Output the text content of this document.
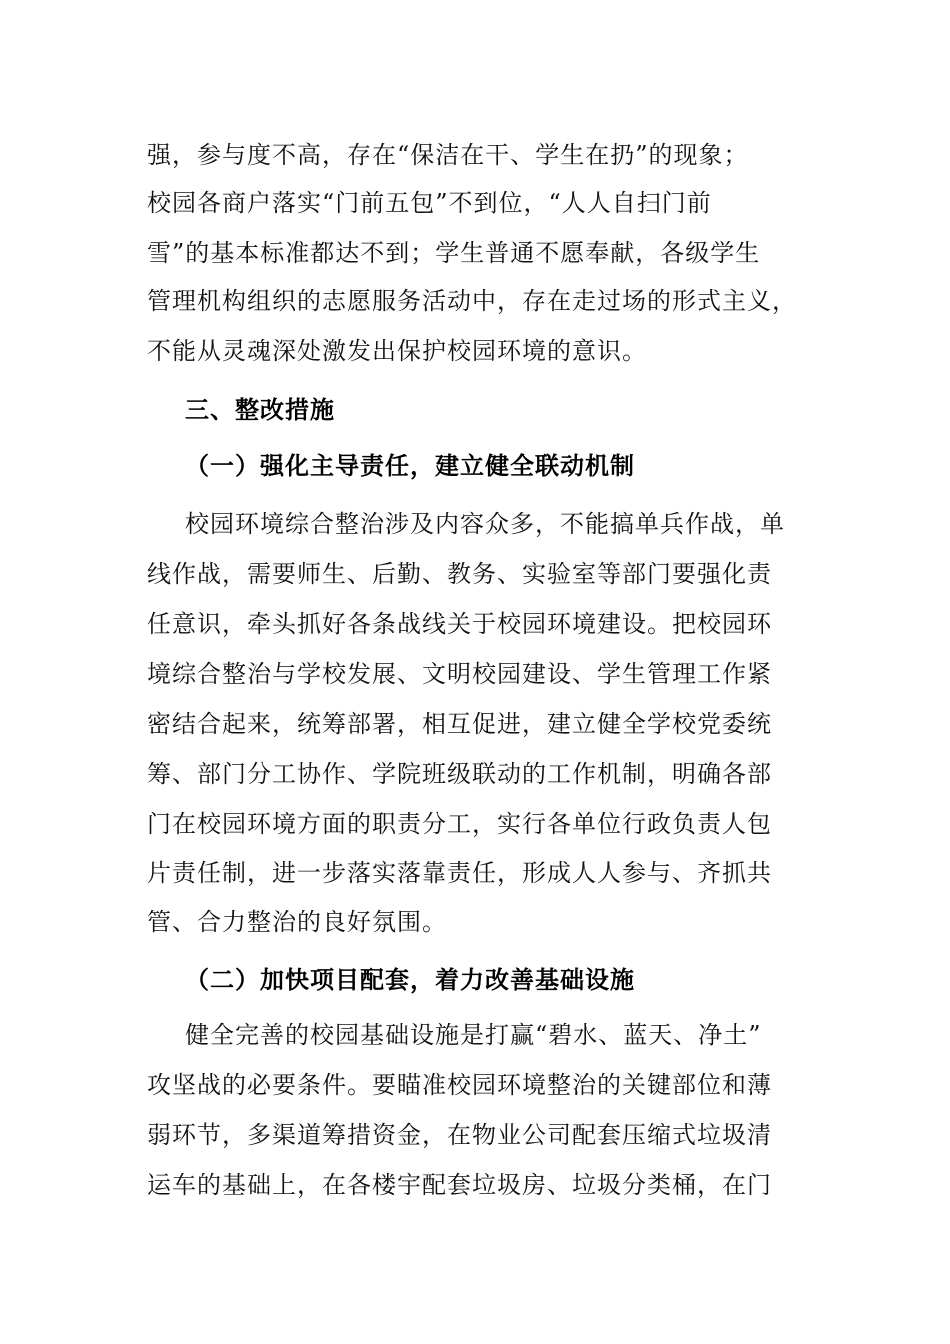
强，参与度不高，存在“保洁在干、学生在扔”的现象；
校园各商户落实“门前五包”不到位，“人人自扫门前
雪”的基本标准都达不到；学生普通不愿奉献，各级学生
管理机构组织的志愿服务活动中，存在走过场的形式主义，
不能从灵魂深处激发出保护校园环境的意识。
三、整改措施
（一）强化主导责任，建立健全联动机制
校园环境综合整治涉及内容众多，不能搞单兵作战，单
线作战，需要师生、后勤、教务、实验室等部门要强化责
任意识，牵头抓好各条战线关于校园环境建设。把校园环
境综合整治与学校发展、文明校园建设、学生管理工作紧
密结合起来，统筹部署，相互促进，建立健全学校党委统
筹、部门分工协作、学院班级联动的工作机制，明确各部
门在校园环境方面的职责分工，实行各单位行政负责人包
片责任制，进一步落实落靠责任，形成人人参与、齐抓共
管、合力整治的良好氛围。
（二）加快项目配套，着力改善基础设施
健全完善的校园基础设施是打赢“碧水、蓝天、净土”
攻坚战的必要条件。要瞄准校园环境整治的关键部位和薄
弱环节，多渠道筹措资金，在物业公司配套压缩式垃圾清
运车的基础上，在各楼宇配套垃圾房、垃圾分类桶，在门
